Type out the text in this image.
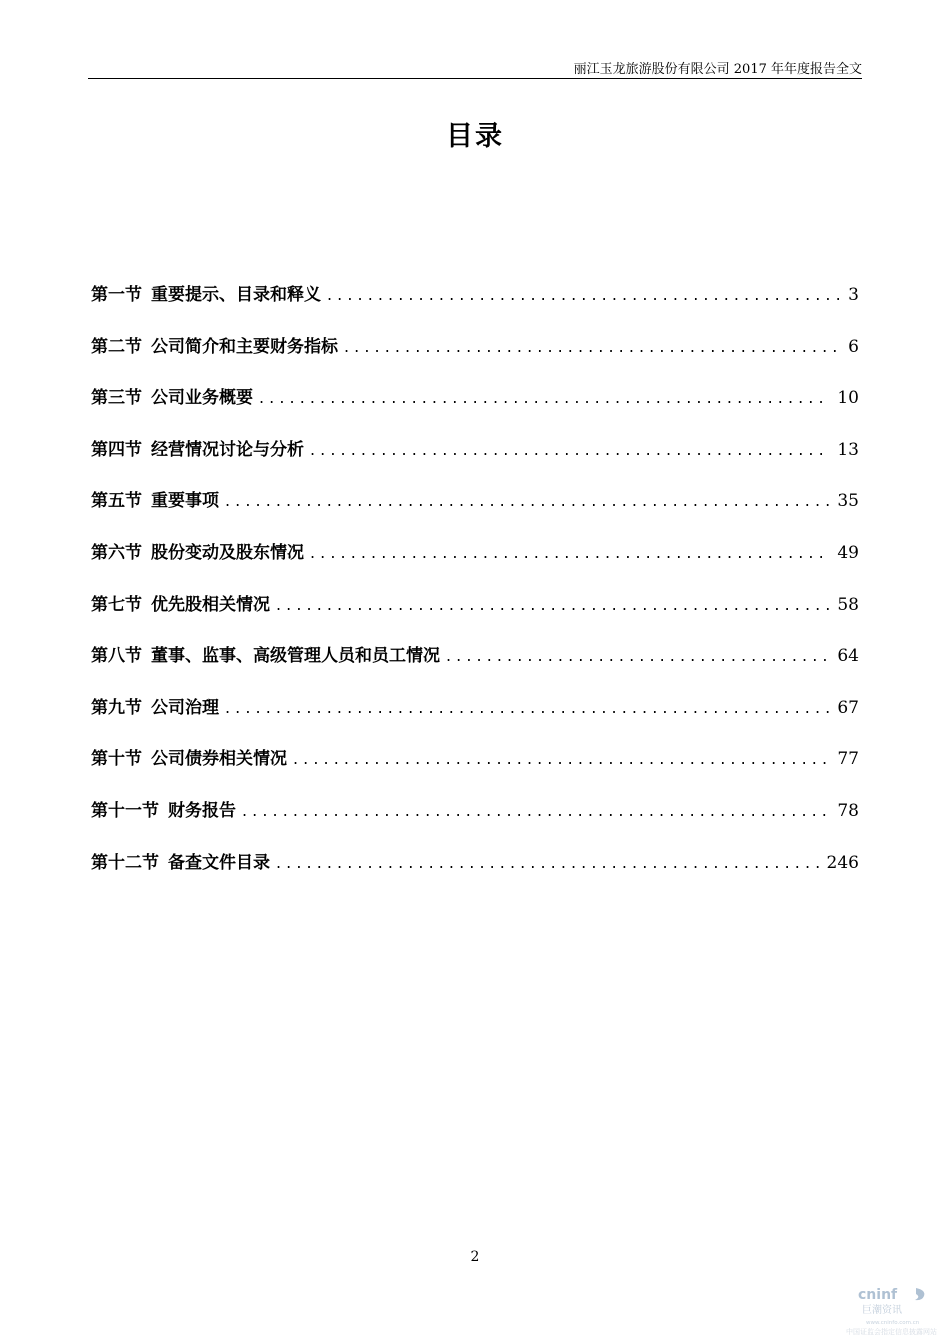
丽江玉龙旅游股份有限公司 2017 年年度报告全文
目录
第一节 重要提示、目录和释义 . . .	3
第二节 公司简介和主要财务指标 . . .	6
第三节 公司业务概要 . . .	10
第四节 经营情况讨论与分析 . . .	13
第五节 重要事项 . . .	35
第六节 股份变动及股东情况 . . .	49
第七节 优先股相关情况 . . .	58
第八节 董事、监事、高级管理人员和员工情况 . . .	64
第九节 公司治理 . . .	67
第十节 公司债券相关情况 . . .	77
第十一节 财务报告 . . .	78
第十二节 备查文件目录 . . .	246
2
cninf
巨潮资讯
www.cninfo.com.cn
中国证监会指定信息披露网站
